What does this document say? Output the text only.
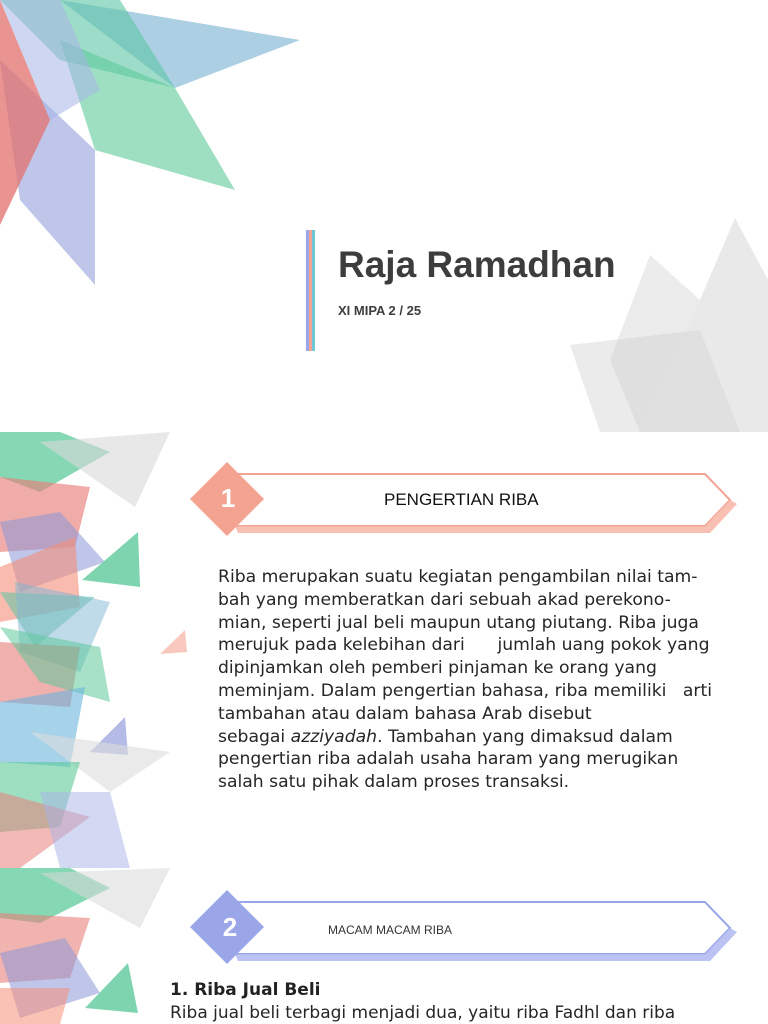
Raja Ramadhan
XI MIPA 2 / 25
1	PENGERTIAN RIBA
Riba merupakan suatu kegiatan pengambilan nilai tam-
bah yang memberatkan dari sebuah akad perekono-
mian, seperti jual beli maupun utang piutang. Riba juga
merujuk pada kelebihan dari      jumlah uang pokok yang
dipinjamkan oleh pemberi pinjaman ke orang yang
meminjam. Dalam pengertian bahasa, riba memiliki   arti
tambahan atau dalam bahasa Arab disebut
sebagai azziyadah. Tambahan yang dimaksud dalam
pengertian riba adalah usaha haram yang merugikan
salah satu pihak dalam proses transaksi.
2	MACAM MACAM RIBA
1. Riba Jual Beli
Riba jual beli terbagi menjadi dua, yaitu riba Fadhl dan riba
